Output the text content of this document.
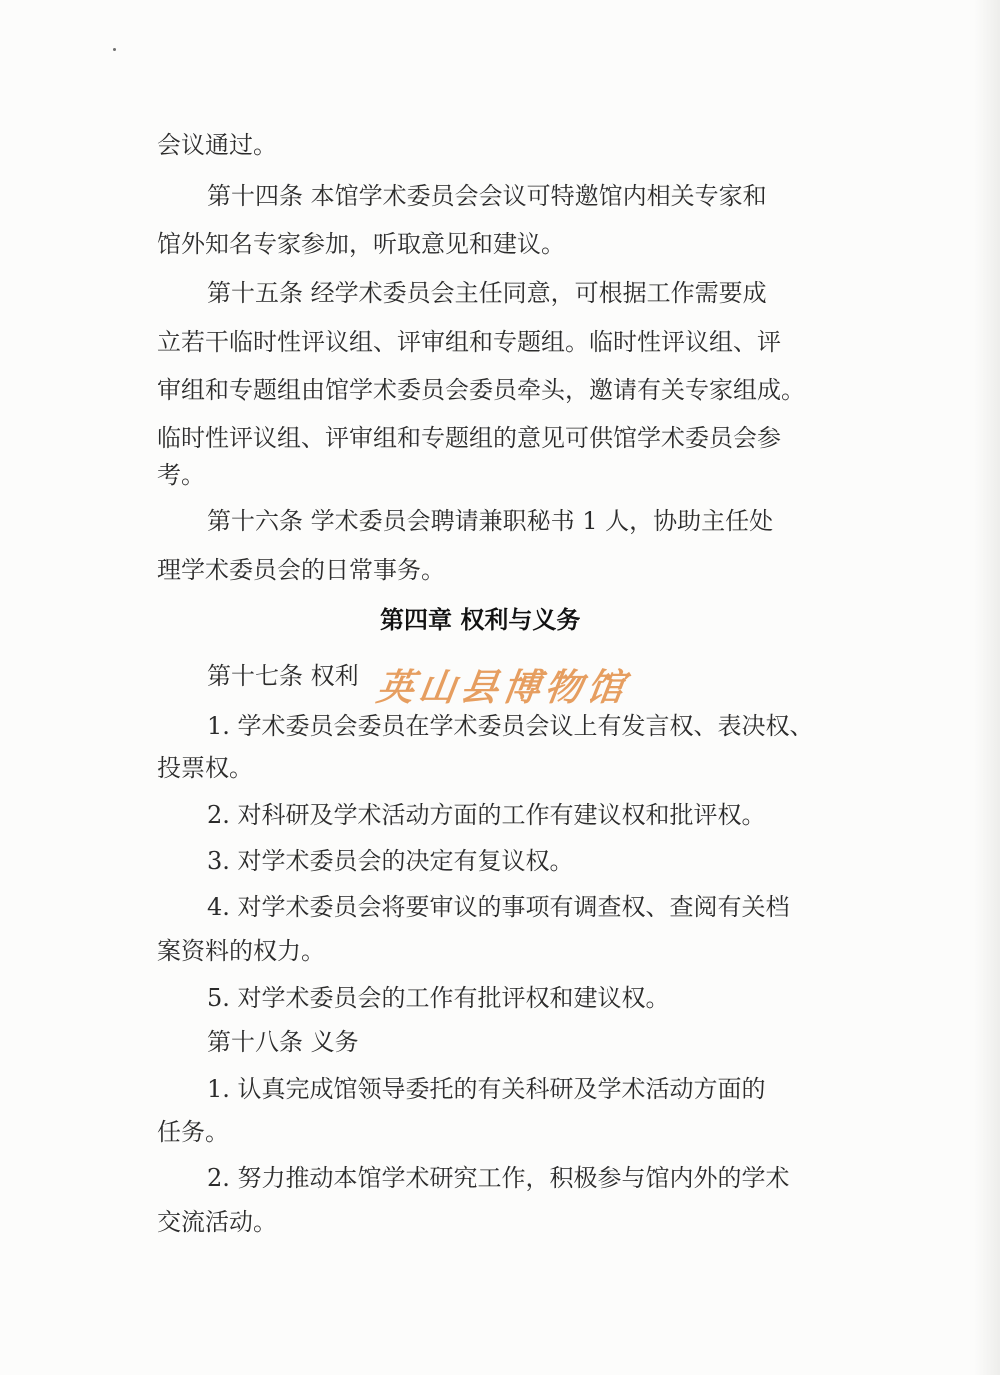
会议通过。
第十四条 本馆学术委员会会议可特邀馆内相关专家和
馆外知名专家参加，听取意见和建议。
第十五条 经学术委员会主任同意，可根据工作需要成
立若干临时性评议组、评审组和专题组。临时性评议组、评
审组和专题组由馆学术委员会委员牵头，邀请有关专家组成。
临时性评议组、评审组和专题组的意见可供馆学术委员会参
考。
第十六条 学术委员会聘请兼职秘书 1 人，协助主任处
理学术委员会的日常事务。
第四章 权利与义务
第十七条 权利 英山县博物馆
1. 学术委员会委员在学术委员会议上有发言权、表决权、
投票权。
2. 对科研及学术活动方面的工作有建议权和批评权。
3. 对学术委员会的决定有复议权。
4. 对学术委员会将要审议的事项有调查权、查阅有关档
案资料的权力。
5. 对学术委员会的工作有批评权和建议权。
第十八条 义务
1. 认真完成馆领导委托的有关科研及学术活动方面的
任务。
2. 努力推动本馆学术研究工作，积极参与馆内外的学术
交流活动。
